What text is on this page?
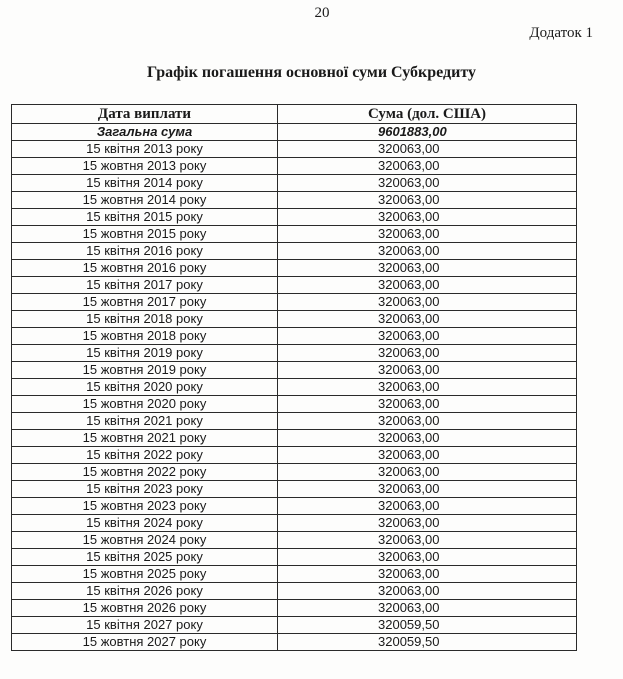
20
Додаток 1
Графік погашення основної суми Субкредиту
Дата виплати	Сума (дол. США)
Загальна сума	9601883,00
15 квітня 2013 року	320063,00
15 жовтня 2013 року	320063,00
15 квітня 2014 року	320063,00
15 жовтня 2014 року	320063,00
15 квітня 2015 року	320063,00
15 жовтня 2015 року	320063,00
15 квітня 2016 року	320063,00
15 жовтня 2016 року	320063,00
15 квітня 2017 року	320063,00
15 жовтня 2017 року	320063,00
15 квітня 2018 року	320063,00
15 жовтня 2018 року	320063,00
15 квітня 2019 року	320063,00
15 жовтня 2019 року	320063,00
15 квітня 2020 року	320063,00
15 жовтня 2020 року	320063,00
15 квітня 2021 року	320063,00
15 жовтня 2021 року	320063,00
15 квітня 2022 року	320063,00
15 жовтня 2022 року	320063,00
15 квітня 2023 року	320063,00
15 жовтня 2023 року	320063,00
15 квітня 2024 року	320063,00
15 жовтня 2024 року	320063,00
15 квітня 2025 року	320063,00
15 жовтня 2025 року	320063,00
15 квітня 2026 року	320063,00
15 жовтня 2026 року	320063,00
15 квітня 2027 року	320059,50
15 жовтня 2027 року	320059,50
